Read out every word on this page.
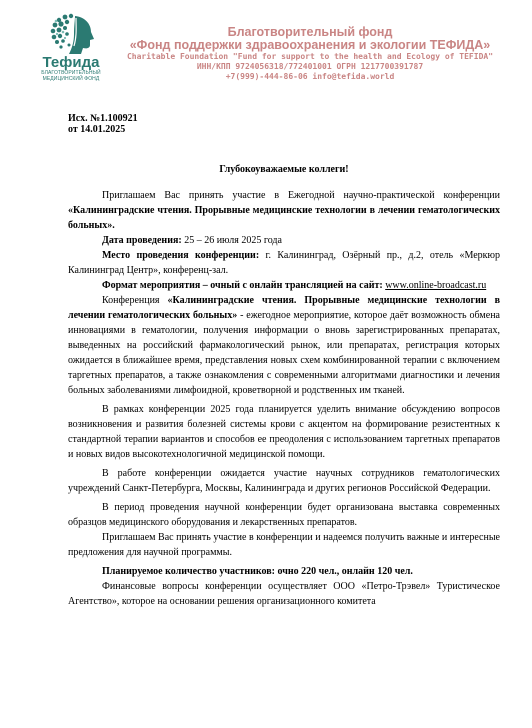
Тефида
БЛАГОТВОРИТЕЛЬНЫЙ
МЕДИЦИНСКИЙ ФОНД
Благотворительный фонд
«Фонд поддержки здравоохранения и экологии ТЕФИДА»
Charitable Foundation "Fund for support to the health and Ecology of TEFIDA"
ИНН/КПП 9724056318/772401001 ОГРН 1217700391787
+7(999)-444-86-06 info@tefida.world
Исх. №1.100921
от 14.01.2025
Глубокоуважаемые коллеги!

Приглашаем Вас принять участие в Ежегодной научно-практической конференции «Калининградские чтения. Прорывные медицинские технологии в лечении гематологических больных».

Дата проведения: 25 – 26 июля 2025 года

Место проведения конференции: г. Калининград, Озёрный пр., д.2, отель «Меркюр Калининград Центр», конференц-зал.

Формат мероприятия – очный с онлайн трансляцией на сайт: www.online-broadcast.ru

Конференция «Калининградские чтения. Прорывные медицинские технологии в лечении гематологических больных» - ежегодное мероприятие, которое даёт возможность обмена инновациями в гематологии, получения информации о вновь зарегистрированных препаратах, выведенных на российский фармакологический рынок, или препаратах, регистрация которых ожидается в ближайшее время, представления новых схем комбинированной терапии с включением таргетных препаратов, а также ознакомления с современными алгоритмами диагностики и лечения больных заболеваниями лимфоидной, кроветворной и родственных им тканей.

В рамках конференции 2025 года планируется уделить внимание обсуждению вопросов возникновения и развития болезней системы крови с акцентом на формирование резистентных к стандартной терапии вариантов и способов ее преодоления с использованием таргетных препаратов и новых видов высокотехнологичной медицинской помощи.

В работе конференции ожидается участие научных сотрудников гематологических учреждений Санкт-Петербурга, Москвы, Калининграда и других регионов Российской Федерации.

В период проведения научной конференции будет организована выставка современных образцов медицинского оборудования и лекарственных препаратов.

Приглашаем Вас принять участие в конференции и надеемся получить важные и интересные предложения для научной программы.

Планируемое количество участников: очно 220 чел., онлайн 120 чел.

Финансовые вопросы конференции осуществляет ООО «Петро-Трэвел» Туристическое Агентство», которое на основании решения организационного комитета
